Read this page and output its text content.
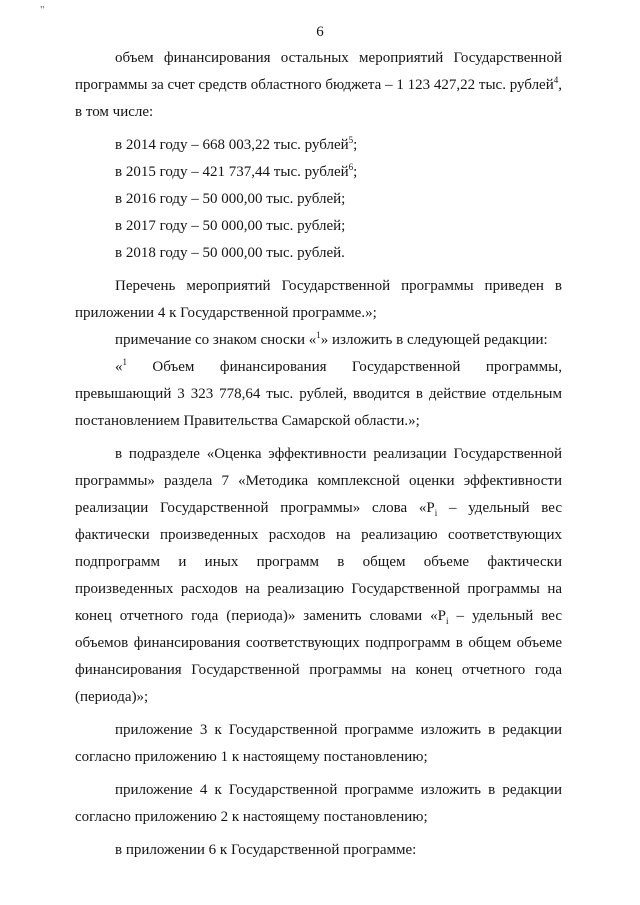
"
6

объем финансирования остальных мероприятий Государственной программы за счет средств областного бюджета – 1 123 427,22 тыс. рублей$^4$, в том числе:

в 2014 году – 668 003,22 тыс. рублей$^5$;

в 2015 году – 421 737,44 тыс. рублей$^6$;

в 2016 году – 50 000,00 тыс. рублей;

в 2017 году – 50 000,00 тыс. рублей;

в 2018 году – 50 000,00 тыс. рублей.

Перечень мероприятий Государственной программы приведен в приложении 4 к Государственной программе.»;

примечание со знаком сноски «$^1$» изложить в следующей редакции:

«$^1$ Объем финансирования Государственной программы, превышающий 3 323 778,64 тыс. рублей, вводится в действие отдельным постановлением Правительства Самарской области.»;

в подразделе «Оценка эффективности реализации Государственной программы» раздела 7 «Методика комплексной оценки эффективности реализации Государственной программы» слова «$P_i$ – удельный вес фактически произведенных расходов на реализацию соответствующих подпрограмм и иных программ в общем объеме фактически произведенных расходов на реализацию Государственной программы на конец отчетного года (периода)» заменить словами «$P_i$ – удельный вес объемов финансирования соответствующих подпрограмм в общем объеме финансирования Государственной программы на конец отчетного года (периода)»;

приложение 3 к Государственной программе изложить в редакции согласно приложению 1 к настоящему постановлению;

приложение 4 к Государственной программе изложить в редакции согласно приложению 2 к настоящему постановлению;

в приложении 6 к Государственной программе:
